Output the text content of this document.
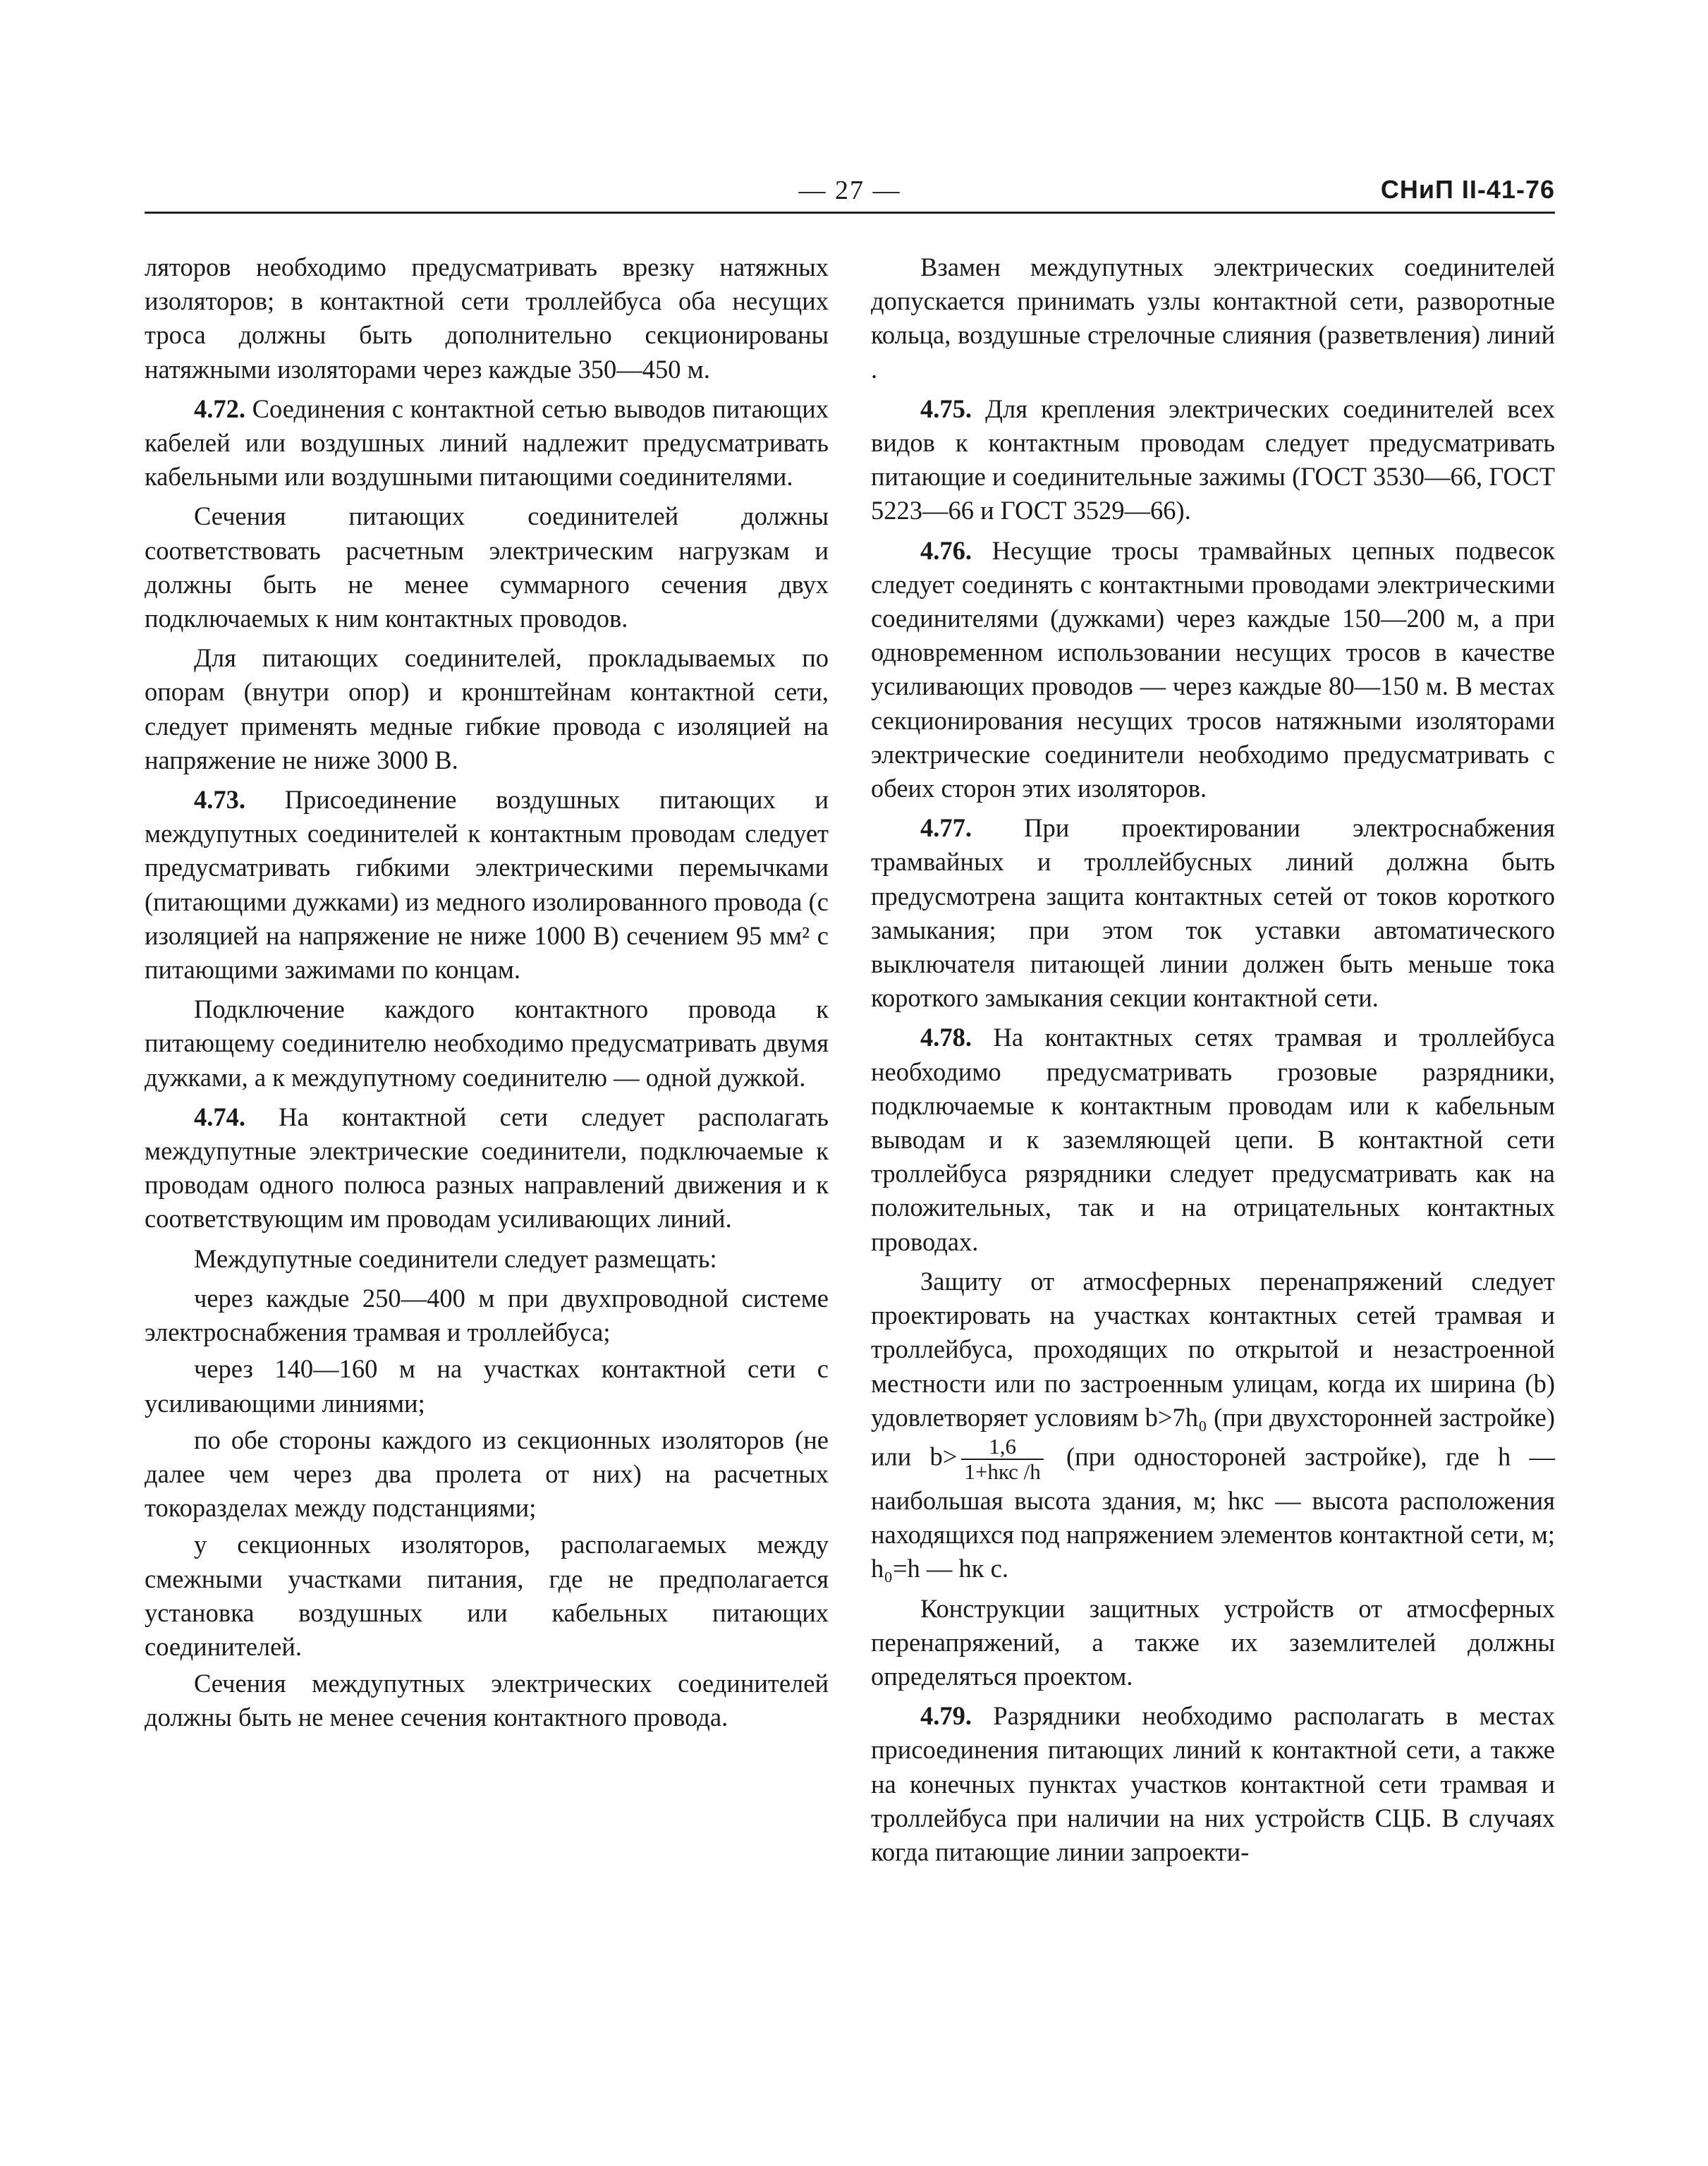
— 27 —	СНиП II-41-76

ляторов необходимо предусматривать врезку натяжных изоляторов; в контактной сети троллейбуса оба несущих троса должны быть дополнительно секционированы натяжными изоляторами через каждые 350—450 м.

4.72. Соединения с контактной сетью выводов питающих кабелей или воздушных линий надлежит предусматривать кабельными или воздушными питающими соединителями.

Сечения питающих соединителей должны соответствовать расчетным электрическим нагрузкам и должны быть не менее суммарного сечения двух подключаемых к ним контактных проводов.

Для питающих соединителей, прокладываемых по опорам (внутри опор) и кронштейнам контактной сети, следует применять медные гибкие провода с изоляцией на напряжение не ниже 3000 В.

4.73. Присоединение воздушных питающих и междупутных соединителей к контактным проводам следует предусматривать гибкими электрическими перемычками (питающими дужками) из медного изолированного провода (с изоляцией на напряжение не ниже 1000 В) сечением 95 мм² с питающими зажимами по концам.

Подключение каждого контактного провода к питающему соединителю необходимо предусматривать двумя дужками, а к междупутному соединителю — одной дужкой.

4.74. На контактной сети следует располагать междупутные электрические соединители, подключаемые к проводам одного полюса разных направлений движения и к соответствующим им проводам усиливающих линий.

Междупутные соединители следует размещать:

через каждые 250—400 м при двухпроводной системе электроснабжения трамвая и троллейбуса;

через 140—160 м на участках контактной сети с усиливающими линиями;

по обе стороны каждого из секционных изоляторов (не далее чем через два пролета от них) на расчетных токоразделах между подстанциями;

у секционных изоляторов, располагаемых между смежными участками питания, где не предполагается установка воздушных или кабельных питающих соединителей.

Сечения междупутных электрических соединителей должны быть не менее сечения контактного провода.

Взамен междупутных электрических соединителей допускается принимать узлы контактной сети, разворотные кольца, воздушные стрелочные слияния (разветвления) линий .

4.75. Для крепления электрических соединителей всех видов к контактным проводам следует предусматривать питающие и соединительные зажимы (ГОСТ 3530—66, ГОСТ 5223—66 и ГОСТ 3529—66).

4.76. Несущие тросы трамвайных цепных подвесок следует соединять с контактными проводами электрическими соединителями (дужками) через каждые 150—200 м, а при одновременном использовании несущих тросов в качестве усиливающих проводов — через каждые 80—150 м. В местах секционирования несущих тросов натяжными изоляторами электрические соединители необходимо предусматривать с обеих сторон этих изоляторов.

4.77. При проектировании электроснабжения трамвайных и троллейбусных линий должна быть предусмотрена защита контактных сетей от токов короткого замыкания; при этом ток уставки автоматического выключателя питающей линии должен быть меньше тока короткого замыкания секции контактной сети.

4.78. На контактных сетях трамвая и троллейбуса необходимо предусматривать грозовые разрядники, подключаемые к контактным проводам или к кабельным выводам и к заземляющей цепи. В контактной сети троллейбуса рязрядники следует предусматривать как на положительных, так и на отрицательных контактных проводах.

Защиту от атмосферных перенапряжений следует проектировать на участках контактных сетей трамвая и троллейбуса, проходящих по открытой и незастроенной местности или по застроенным улицам, когда их ширина (b) удовлетворяет условиям b>7h₀ (при двухсторонней застройке) или b>	1,6
1+hкс /h
(при одностороней застройке), где h — наибольшая высота здания, м; hкс — высота расположения находящихся под напряжением элементов контактной сети, м; h₀=h — hк с.

Конструкции защитных устройств от атмосферных перенапряжений, а также их заземлителей должны определяться проектом.

4.79. Разрядники необходимо располагать в местах присоединения питающих линий к контактной сети, а также на конечных пунктах участков контактной сети трамвая и троллейбуса при наличии на них устройств СЦБ. В случаях когда питающие линии запроекти-
